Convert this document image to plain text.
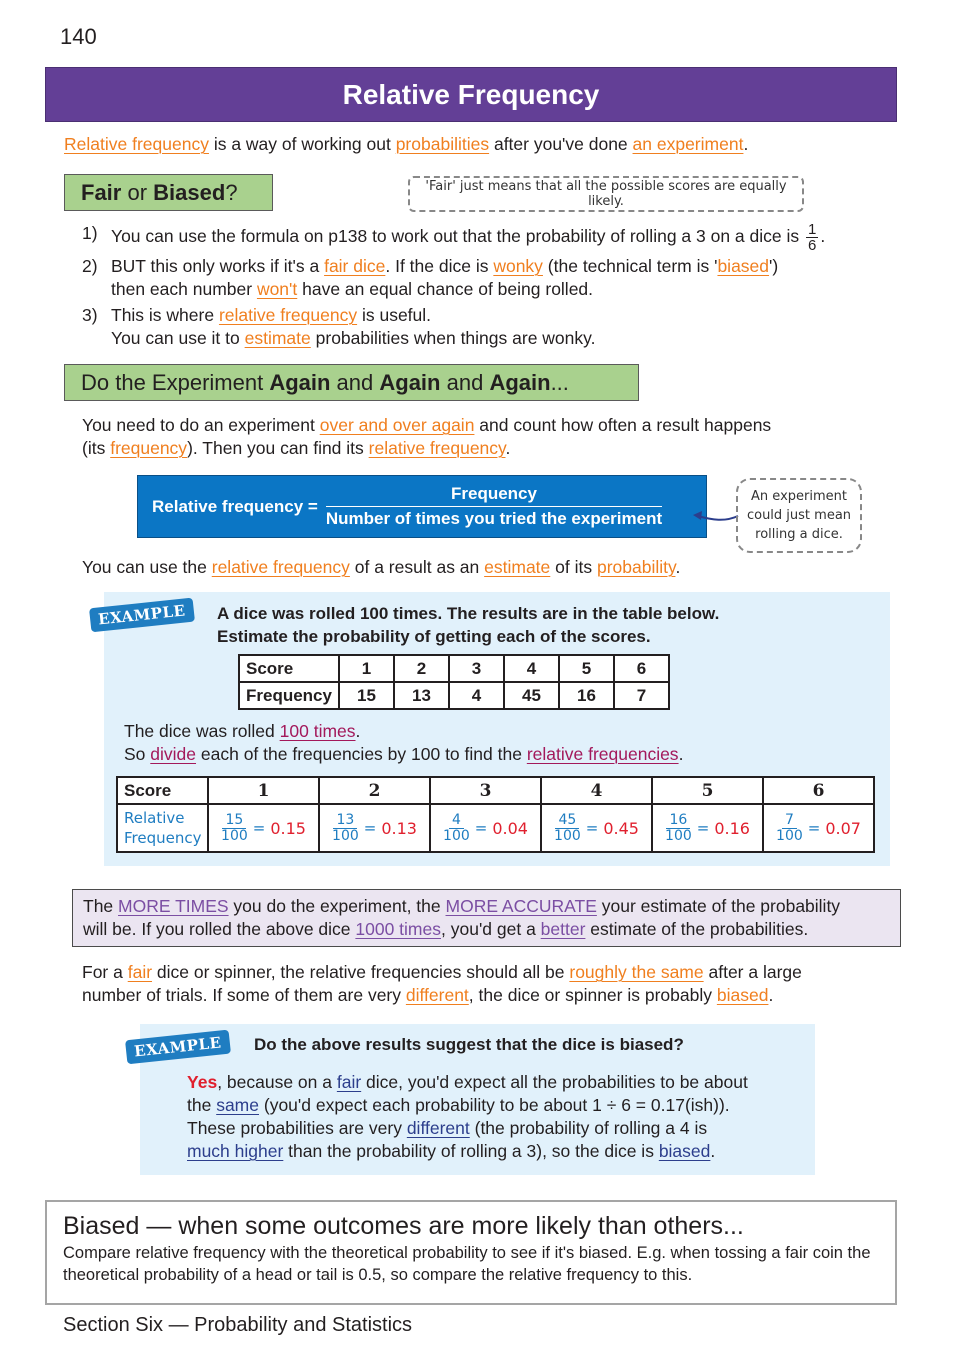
140
Relative Frequency
Relative frequency is a way of working out probabilities after you've done an experiment.
Fair
or
Biased ?	'Fair' just means that all the possible scores are equally likely.
1) You can use the formula on p138 to work out that the probability of rolling a 3 on a dice is $\frac{1}{6}$ .
2) BUT this only works if it's a fair dice. If the dice is wonky (the technical term is 'biased')
then each number won't have an equal chance of being rolled.
3) This is where relative frequency is useful.
You can use it to estimate probabilities when things are wonky.
Do the Experiment Again and Again and Again ...
You need to do an experiment over and over again and count how often a result happens
(its frequency). Then you can find its relative frequency.
Relative frequency = $\frac{\text{Frequency}}{\text{Number of times you tried the experiment}}$	An experiment
could just mean
rolling a dice.
You can use the relative frequency of a result as an estimate of its probability.
EXAMPLE	A dice was rolled 100 times. The results are in the table below.
Estimate the probability of getting each of the scores.
Score	1	2	3	4	5	6
Frequency	15	13	4	45	16	7
The dice was rolled 100 times.
So divide each of the frequencies by 100 to find the relative frequencies.
Score	1	2	3	4	5	6

Relative
Frequency	$\frac{15}{100} = 0.15$	$\frac{13}{100} = 0.13$	$\frac{4}{100} = 0.04$	$\frac{45}{100} = 0.45$	$\frac{16}{100} = 0.16$	$\frac{7}{100} = 0.07$
The MORE TIMES you do the experiment, the MORE ACCURATE your estimate of the probability
will be. If you rolled the above dice 1000 times, you'd get a better estimate of the probabilities.
For a fair dice or spinner, the relative frequencies should all be roughly the same after a large
number of trials. If some of them are very different, the dice or spinner is probably biased.
EXAMPLE	Do the above results suggest that the dice is biased?
Yes, because on a fair dice, you'd expect all the probabilities to be about
the same (you'd expect each probability to be about 1 ÷ 6 = 0.17(ish)).
These probabilities are very different (the probability of rolling a 4 is
much higher than the probability of rolling a 3), so the dice is biased.
Biased — when some outcomes are more likely than others...
Compare relative frequency with the theoretical probability to see if it's biased. E.g. when tossing a fair coin the theoretical probability of a head or tail is 0.5, so compare the relative frequency to this.
Section Six — Probability and Statistics
